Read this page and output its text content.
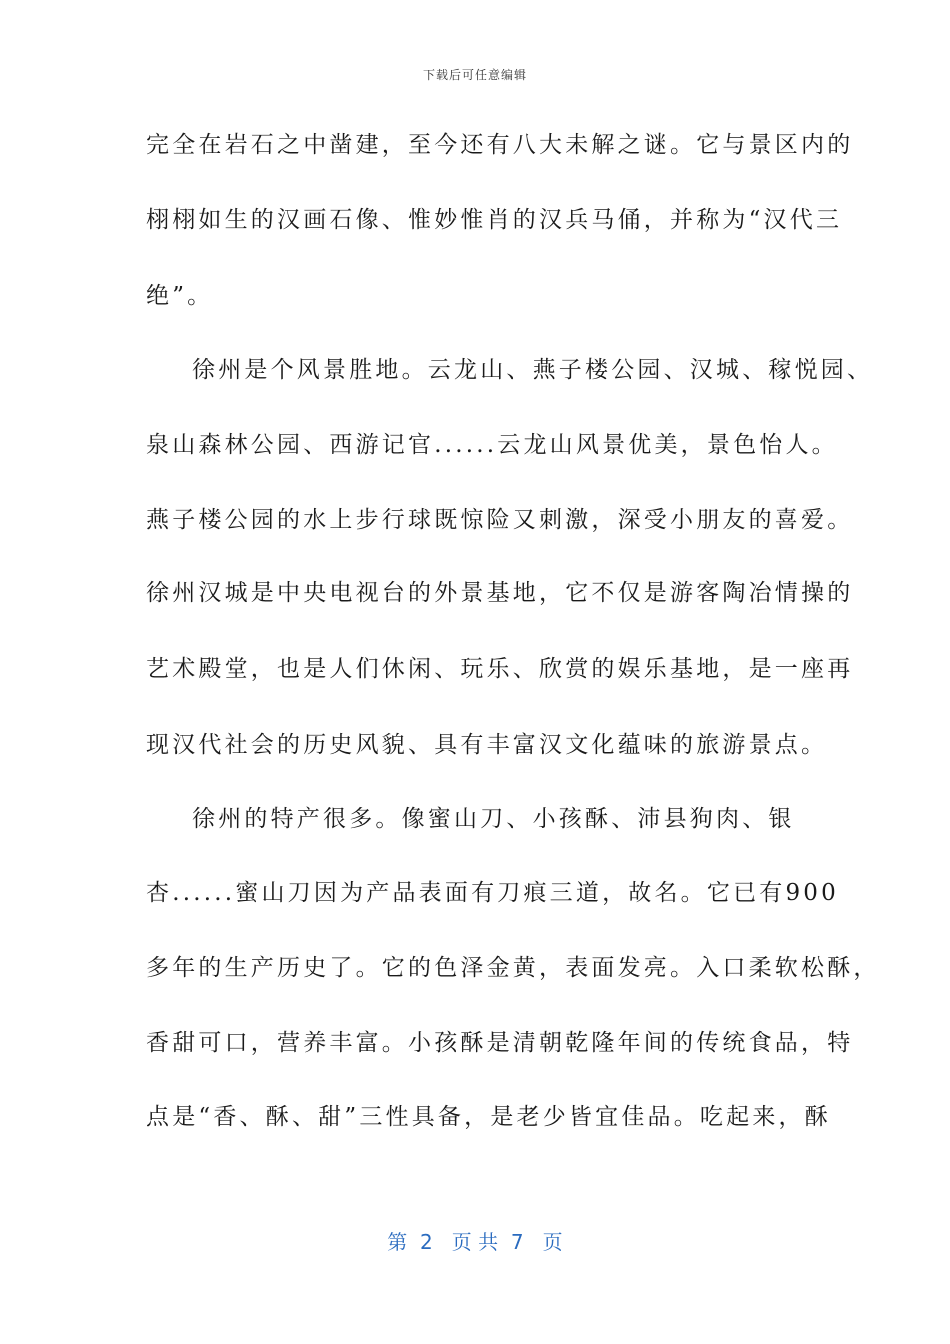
下载后可任意编辑
完全在岩石之中凿建，至今还有八大未解之谜。它与景区内的
栩栩如生的汉画石像、惟妙惟肖的汉兵马俑，并称为“汉代三
绝”。
徐州是个风景胜地。云龙山、燕子楼公园、汉城、稼悦园、
泉山森林公园、西游记官......云龙山风景优美，景色怡人。
燕子楼公园的水上步行球既惊险又刺激，深受小朋友的喜爱。
徐州汉城是中央电视台的外景基地，它不仅是游客陶冶情操的
艺术殿堂，也是人们休闲、玩乐、欣赏的娱乐基地，是一座再
现汉代社会的历史风貌、具有丰富汉文化蕴味的旅游景点。
徐州的特产很多。像蜜山刀、小孩酥、沛县狗肉、银
杏......蜜山刀因为产品表面有刀痕三道，故名。它已有900
多年的生产历史了。它的色泽金黄，表面发亮。入口柔软松酥，
香甜可口，营养丰富。小孩酥是清朝乾隆年间的传统食品，特
点是“香、酥、甜”三性具备，是老少皆宜佳品。吃起来，酥
第  2   页 共  7   页
